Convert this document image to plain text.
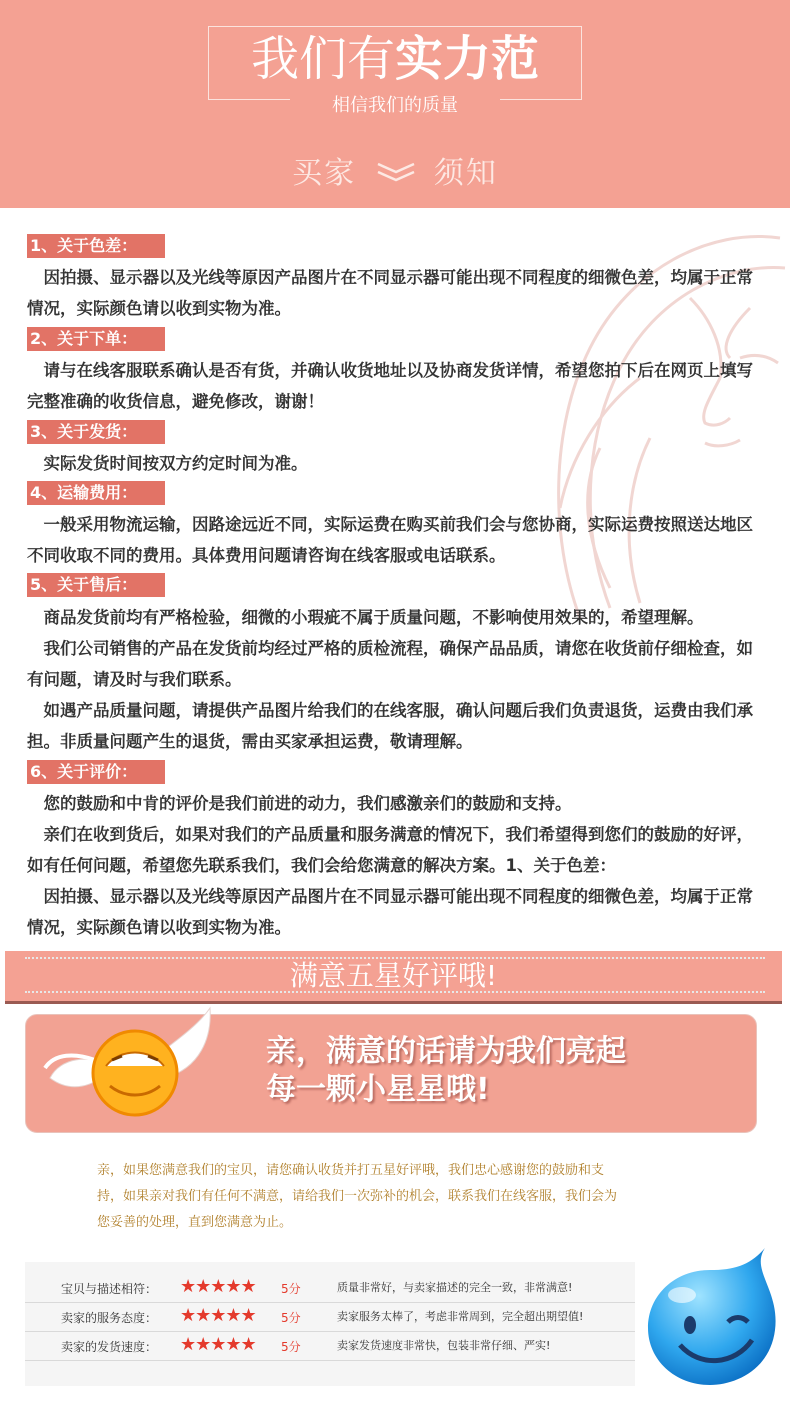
我们有实力范
相信我们的质量
买家	须知
1、关于色差：
　因拍摄、显示器以及光线等原因产品图片在不同显示器可能出现不同程度的细微色差，均属于正常情况，实际颜色请以收到实物为准。
2、关于下单：
　请与在线客服联系确认是否有货，并确认收货地址以及协商发货详情，希望您拍下后在网页上填写完整准确的收货信息，避免修改，谢谢！
3、关于发货：
　实际发货时间按双方约定时间为准。
4、运输费用：
　一般采用物流运输，因路途远近不同，实际运费在购买前我们会与您协商，实际运费按照送达地区不同收取不同的费用。具体费用问题请咨询在线客服或电话联系。
5、关于售后：
　商品发货前均有严格检验，细微的小瑕疵不属于质量问题，不影响使用效果的，希望理解。
　我们公司销售的产品在发货前均经过严格的质检流程，确保产品品质，请您在收货前仔细检查，如有问题，请及时与我们联系。
　如遇产品质量问题，请提供产品图片给我们的在线客服，确认问题后我们负责退货，运费由我们承担。非质量问题产生的退货，需由买家承担运费，敬请理解。
6、关于评价：
　您的鼓励和中肯的评价是我们前进的动力，我们感激亲们的鼓励和支持。
　亲们在收到货后，如果对我们的产品质量和服务满意的情况下，我们希望得到您们的鼓励的好评，如有任何问题，希望您先联系我们，我们会给您满意的解决方案。1、关于色差：
　因拍摄、显示器以及光线等原因产品图片在不同显示器可能出现不同程度的细微色差，均属于正常情况，实际颜色请以收到实物为准。
满意五星好评哦!
亲，满意的话请为我们亮起
每一颗小星星哦!
亲，如果您满意我们的宝贝，请您确认收货并打五星好评哦，我们忠心感谢您的鼓励和支持，如果亲对我们有任何不满意，请给我们一次弥补的机会，联系我们在线客服，我们会为您妥善的处理，直到您满意为止。
宝贝与描述相符： ★★★★★ 5分	质量非常好，与卖家描述的完全一致，非常满意!
卖家的服务态度： ★★★★★ 5分	卖家服务太棒了，考虑非常周到，完全超出期望值!
卖家的发货速度： ★★★★★ 5分	卖家发货速度非常快，包装非常仔细、严实!
